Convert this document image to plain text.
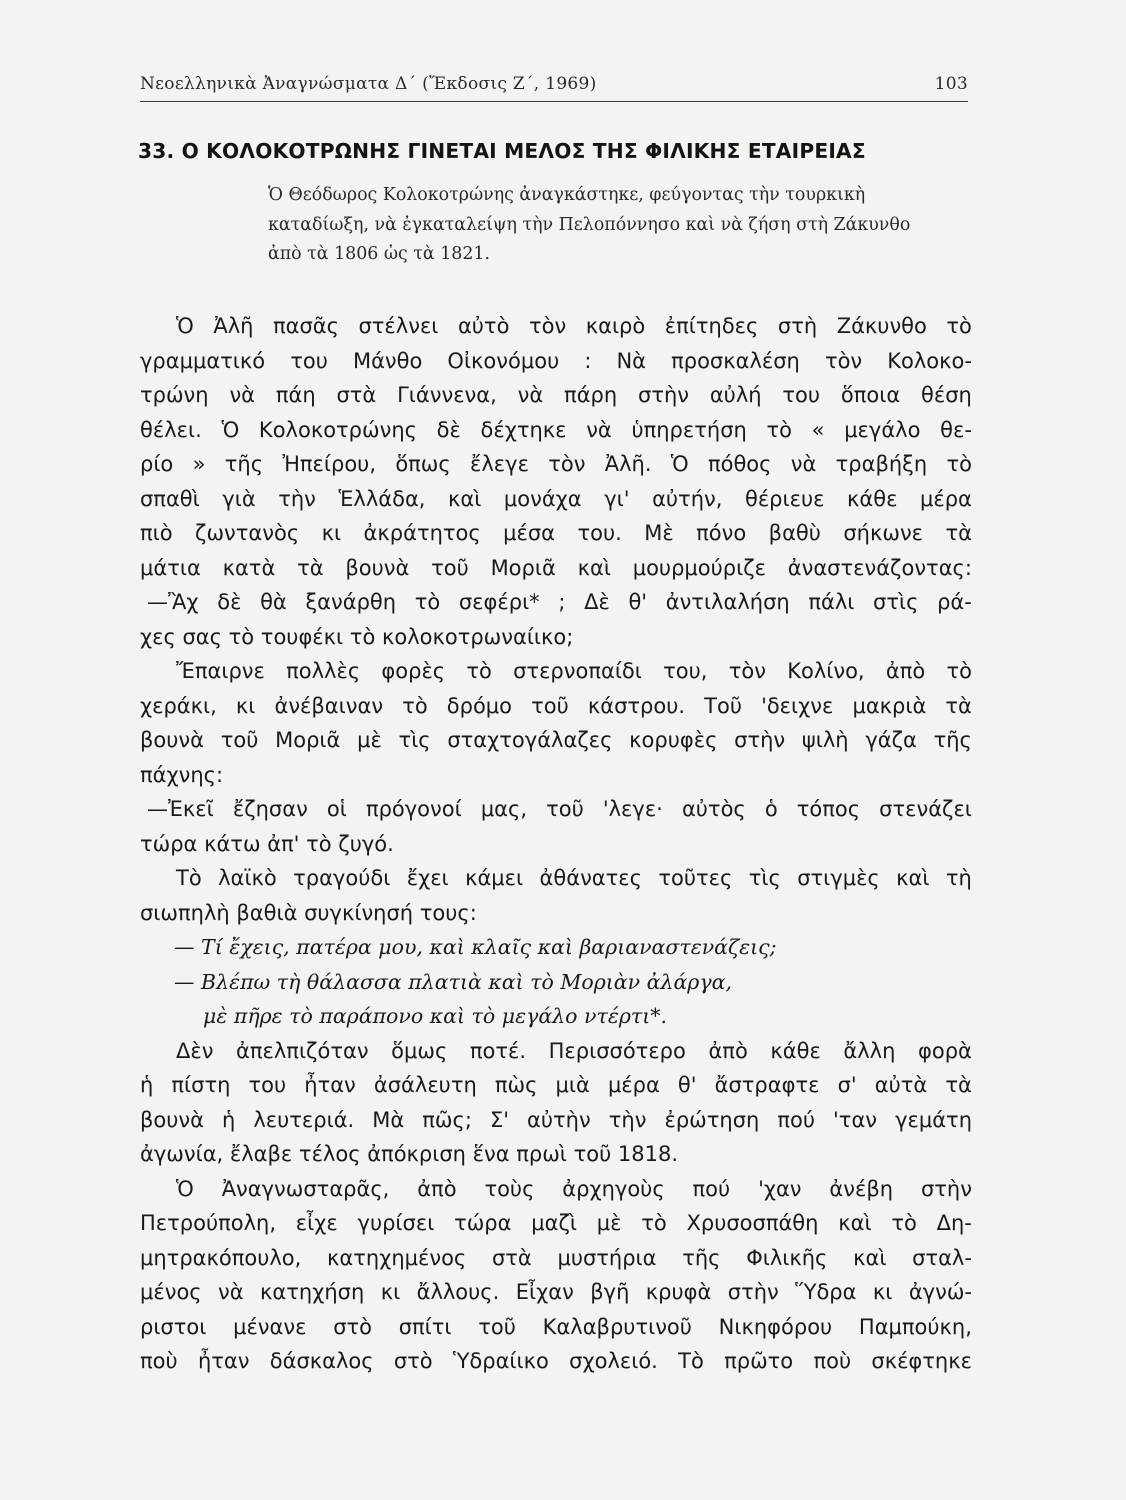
Νεοελληνικὰ Ἀναγνώσματα Δ΄ (Ἔκδοσις Ζ΄, 1969)	103
33. Ο ΚΟΛΟΚΟΤΡΩΝΗΣ ΓΙΝΕΤΑΙ ΜΕΛΟΣ ΤΗΣ ΦΙΛΙΚΗΣ ΕΤΑΙΡΕΙΑΣ
Ὁ Θεόδωρος Κολοκοτρώνης ἀναγκάστηκε, φεύγοντας τὴν τουρκικὴ
καταδίωξη, νὰ ἐγκαταλείψη τὴν Πελοπόννησο καὶ νὰ ζήση στὴ Ζάκυνθο
ἀπὸ τὰ 1806 ὡς τὰ 1821.
Ὁ Ἀλῆ πασᾶς στέλνει αὐτὸ τὸν καιρὸ ἐπίτηδες στὴ Ζάκυνθο τὸ
γραμματικό του Μάνθο Οἰκονόμου : Νὰ προσκαλέση τὸν Κολοκο-
τρώνη νὰ πάη στὰ Γιάννενα, νὰ πάρη στὴν αὐλή του ὅποια θέση
θέλει. Ὁ Κολοκοτρώνης δὲ δέχτηκε νὰ ὑπηρετήση τὸ « μεγάλο θε-
ρίο » τῆς Ἠπείρου, ὅπως ἔλεγε τὸν Ἀλῆ. Ὁ πόθος νὰ τραβήξη τὸ
σπαθὶ γιὰ τὴν Ἑλλάδα, καὶ μονάχα γι' αὐτήν, θέριευε κάθε μέρα
πιὸ ζωντανὸς κι ἀκράτητος μέσα του. Μὲ πόνο βαθὺ σήκωνε τὰ
μάτια κατὰ τὰ βουνὰ τοῦ Μοριᾶ καὶ μουρμούριζε ἀναστενάζοντας:
—Ἂχ δὲ θὰ ξανάρθη τὸ σεφέρι* ; Δὲ θ' ἀντιλαλήση πάλι στὶς ρά-
χες σας τὸ τουφέκι τὸ κολοκοτρωναίικο;
Ἔπαιρνε πολλὲς φορὲς τὸ στερνοπαίδι του, τὸν Κολίνο, ἀπὸ τὸ
χεράκι, κι ἀνέβαιναν τὸ δρόμο τοῦ κάστρου. Τοῦ 'δειχνε μακριὰ τὰ
βουνὰ τοῦ Μοριᾶ μὲ τὶς σταχτογάλαζες κορυφὲς στὴν ψιλὴ γάζα τῆς
πάχνης:
—Ἐκεῖ ἔζησαν οἱ πρόγονοί μας, τοῦ 'λεγε· αὐτὸς ὁ τόπος στενάζει
τώρα κάτω ἀπ' τὸ ζυγό.
Τὸ λαϊκὸ τραγούδι ἔχει κάμει ἀθάνατες τοῦτες τὶς στιγμὲς καὶ τὴ
σιωπηλὴ βαθιὰ συγκίνησή τους:
— Τί ἔχεις, πατέρα μου, καὶ κλαῖς καὶ βαριαναστενάζεις;
— Βλέπω τὴ θάλασσα πλατιὰ καὶ τὸ Μοριὰν ἀλάργα,
μὲ πῆρε τὸ παράπονο καὶ τὸ μεγάλο ντέρτι*.
Δὲν ἀπελπιζόταν ὅμως ποτέ. Περισσότερο ἀπὸ κάθε ἄλλη φορὰ
ἡ πίστη του ἦταν ἀσάλευτη πὼς μιὰ μέρα θ' ἄστραφτε σ' αὐτὰ τὰ
βουνὰ ἡ λευτεριά. Μὰ πῶς; Σ' αὐτὴν τὴν ἐρώτηση πού 'ταν γεμάτη
ἀγωνία, ἔλαβε τέλος ἀπόκριση ἕνα πρωὶ τοῦ 1818.
Ὁ Ἀναγνωσταρᾶς, ἀπὸ τοὺς ἀρχηγοὺς πού 'χαν ἀνέβη στὴν
Πετρούπολη, εἶχε γυρίσει τώρα μαζὶ μὲ τὸ Χρυσοσπάθη καὶ τὸ Δη-
μητρακόπουλο, κατηχημένος στὰ μυστήρια τῆς Φιλικῆς καὶ σταλ-
μένος νὰ κατηχήση κι ἄλλους. Εἶχαν βγῆ κρυφὰ στὴν Ὕδρα κι ἀγνώ-
ριστοι μένανε στὸ σπίτι τοῦ Καλαβρυτινοῦ Νικηφόρου Παμπούκη,
ποὺ ἦταν δάσκαλος στὸ Ὑδραίικο σχολειό. Τὸ πρῶτο ποὺ σκέφτηκε
